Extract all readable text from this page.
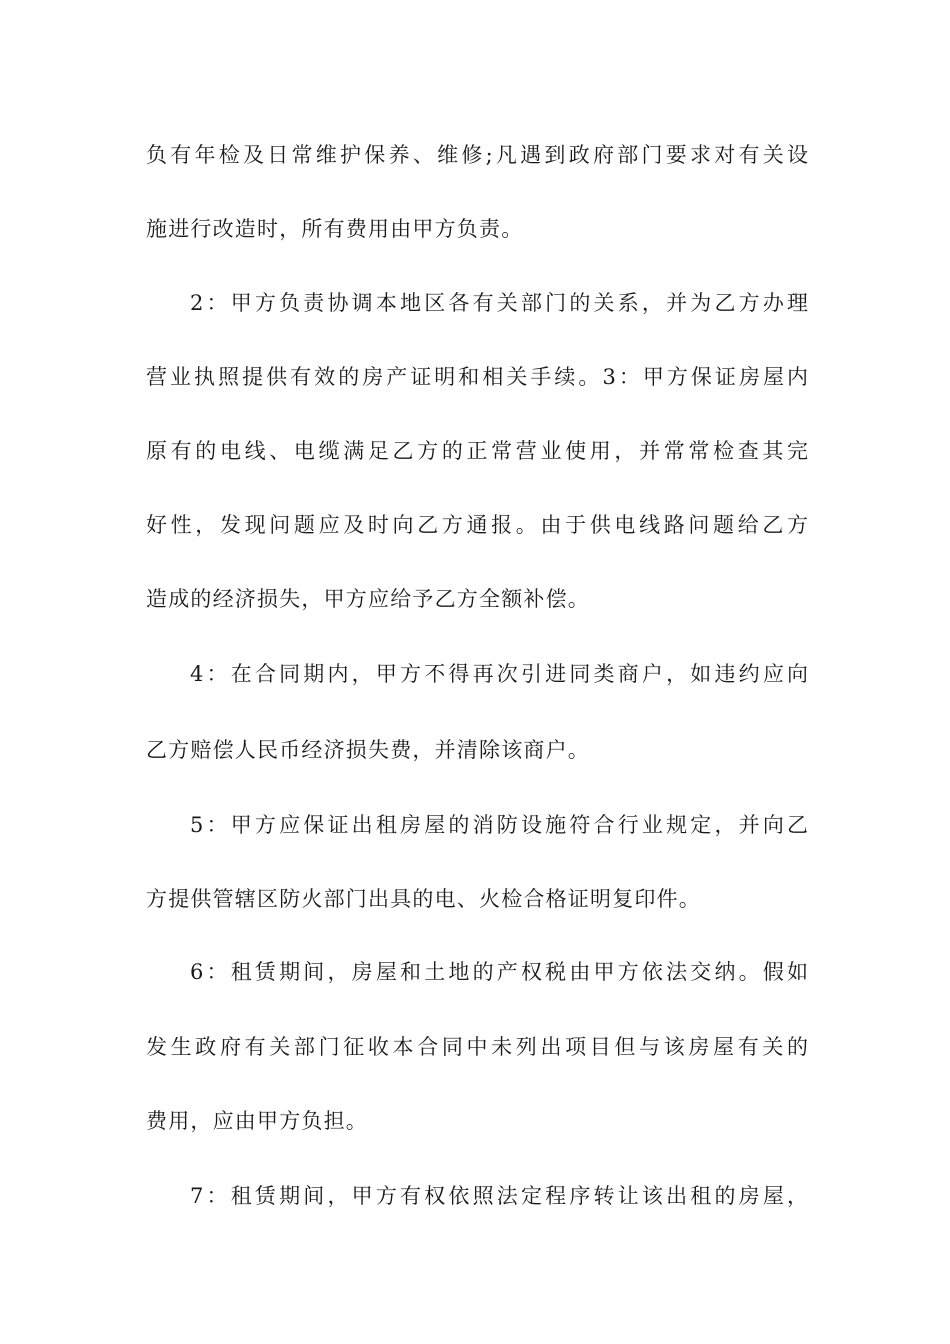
负有年检及日常维护保养、维修;凡遇到政府部门要求对有关设
施进行改造时，所有费用由甲方负责。
2：甲方负责协调本地区各有关部门的关系，并为乙方办理
营业执照提供有效的房产证明和相关手续。3：甲方保证房屋内
原有的电线、电缆满足乙方的正常营业使用，并常常检查其完
好性，发现问题应及时向乙方通报。由于供电线路问题给乙方
造成的经济损失，甲方应给予乙方全额补偿。
4：在合同期内，甲方不得再次引进同类商户，如违约应向
乙方赔偿人民币经济损失费，并清除该商户。
5：甲方应保证出租房屋的消防设施符合行业规定，并向乙
方提供管辖区防火部门出具的电、火检合格证明复印件。
6：租赁期间，房屋和土地的产权税由甲方依法交纳。假如
发生政府有关部门征收本合同中未列出项目但与该房屋有关的
费用，应由甲方负担。
7：租赁期间，甲方有权依照法定程序转让该出租的房屋，
